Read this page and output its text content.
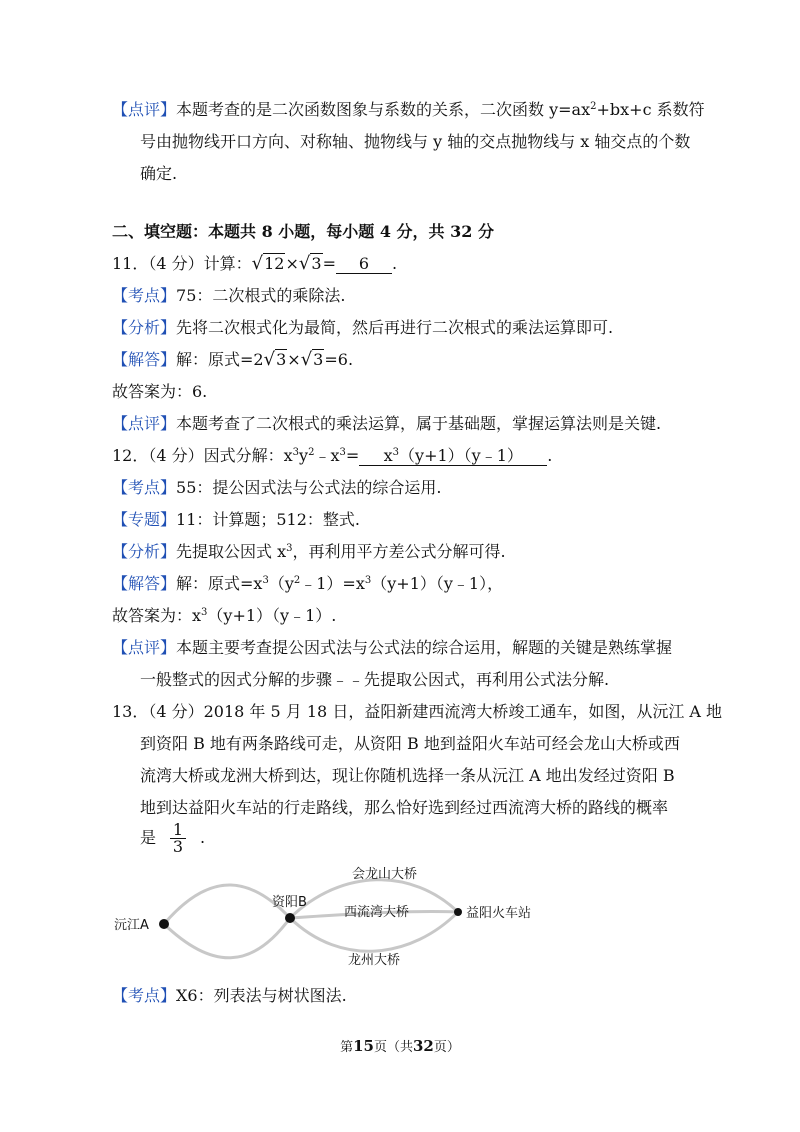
【点评】本题考查的是二次函数图象与系数的关系，二次函数 $y=ax^2+bx+c$ 系数符
号由抛物线开口方向、对称轴、抛物线与 y 轴的交点抛物线与 x 轴交点的个数
确定.
二、填空题：本题共 8 小题，每小题 4 分，共 32 分
11．（4 分）计算：√12×√3= 6 .
【考点】75：二次根式的乘除法.
【分析】先将二次根式化为最简，然后再进行二次根式的乘法运算即可.
【解答】解：原式=2√3×√3=6.
故答案为：6.
【点评】本题考查了二次根式的乘法运算，属于基础题，掌握运算法则是关键.
12．（4 分）因式分解：$x^3y^2﹣x^3=$ $x^3(y+1)(y﹣1)$ .
【考点】55：提公因式法与公式法的综合运用.
【专题】11：计算题；512：整式.
【分析】先提取公因式 $x^3$，再利用平方差公式分解可得.
【解答】解：原式$=x^3(y^2﹣1)=x^3(y+1)(y﹣1)$，
故答案为：$x^3(y+1)(y﹣1)$.
【点评】本题主要考查提公因式法与公式法的综合运用，解题的关键是熟练掌握
一般整式的因式分解的步骤﹣﹣先提取公因式，再利用公式法分解.
13．（4 分）2018 年 5 月 18 日，益阳新建西流湾大桥竣工通车，如图，从沅江 A 地
到资阳 B 地有两条路线可走，从资阳 B 地到益阳火车站可经会龙山大桥或西
流湾大桥或龙洲大桥到达，现让你随机选择一条从沅江 A 地出发经过资阳 B
地到达益阳火车站的行走路线，那么恰好选到经过西流湾大桥的路线的概率
是 $\frac{1}{3}$ .
沅江A
资阳B
益阳火车站
会龙山大桥
西流湾大桥
龙州大桥
【考点】X6：列表法与树状图法.
第15页（共32页）
